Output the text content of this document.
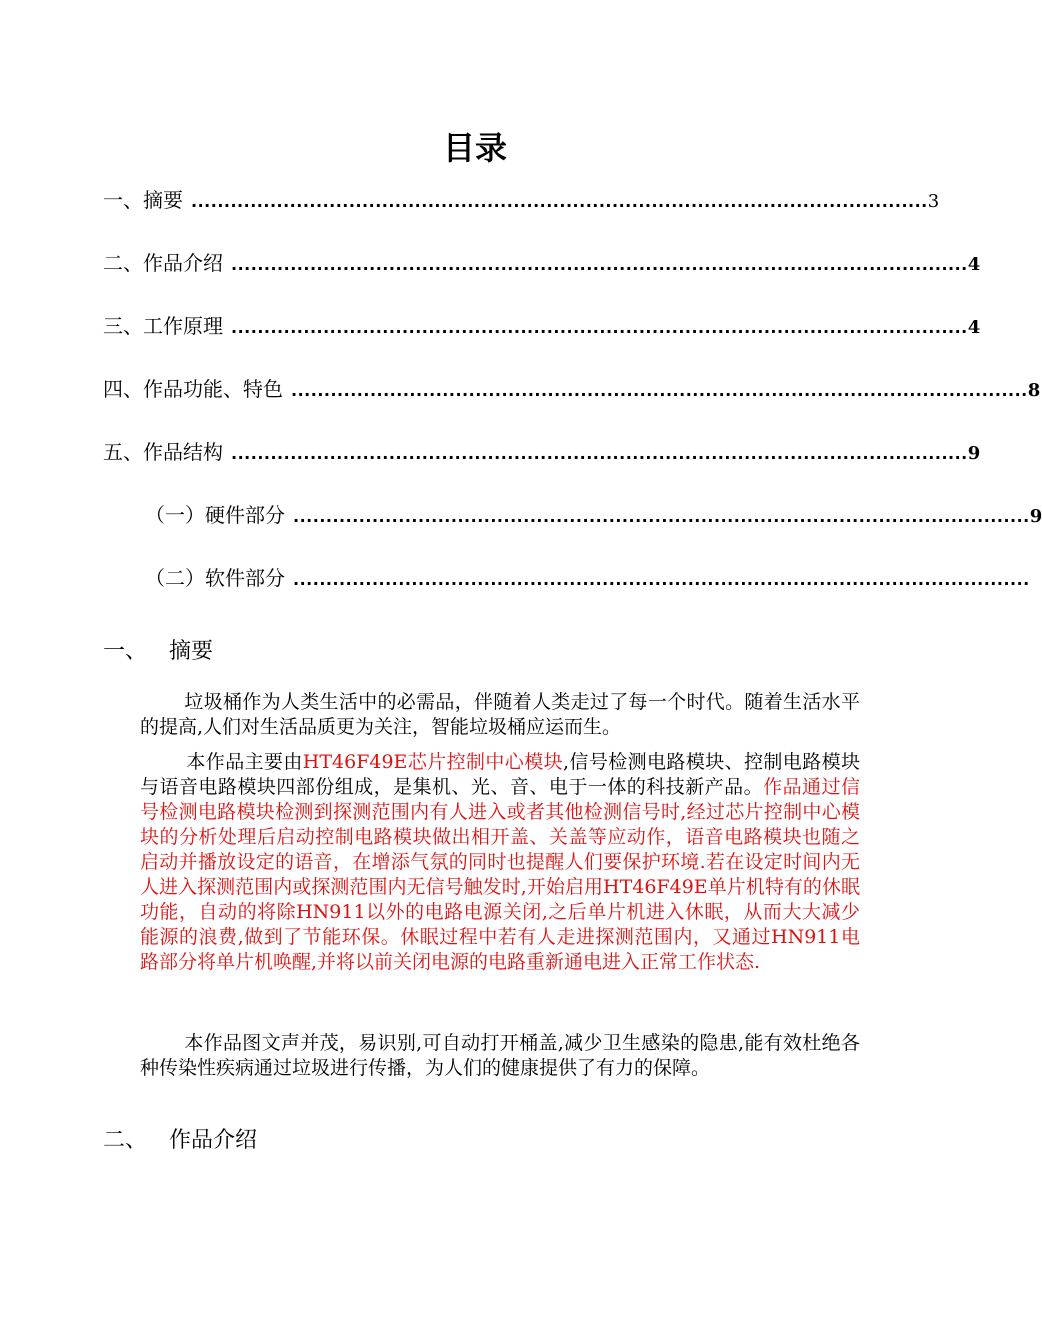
目录
一、摘要 ................................................................................................................ 3
二、作品介绍 ................................................................................................................ 4
三、工作原理 ................................................................................................................ 4
四、作品功能、特色 ................................................................................................................ 8
五、作品结构 ................................................................................................................ 9
（一）硬件部分 ................................................................................................................ 9
（二）软件部分 ................................................................................................................
一、 摘要
垃圾桶作为人类生活中的必需品，伴随着人类走过了每一个时代。随着生活水平的提高,人们对生活品质更为关注，智能垃圾桶应运而生。
本作品主要由HT46F49E芯片控制中心模块,信号检测电路模块、控制电路模块与语音电路模块四部份组成，是集机、光、音、电于一体的科技新产品。作品通过信号检测电路模块检测到探测范围内有人进入或者其他检测信号时,经过芯片控制中心模块的分析处理后启动控制电路模块做出相开盖、关盖等应动作，语音电路模块也随之启动并播放设定的语音，在增添气氛的同时也提醒人们要保护环境.若在设定时间内无人进入探测范围内或探测范围内无信号触发时,开始启用HT46F49E单片机特有的休眠功能，自动的将除HN911以外的电路电源关闭,之后单片机进入休眠，从而大大减少能源的浪费,做到了节能环保。休眠过程中若有人走进探测范围内，又通过HN911电路部分将单片机唤醒,并将以前关闭电源的电路重新通电进入正常工作状态.
本作品图文声并茂，易识别,可自动打开桶盖,减少卫生感染的隐患,能有效杜绝各种传染性疾病通过垃圾进行传播，为人们的健康提供了有力的保障。
二、 作品介绍
